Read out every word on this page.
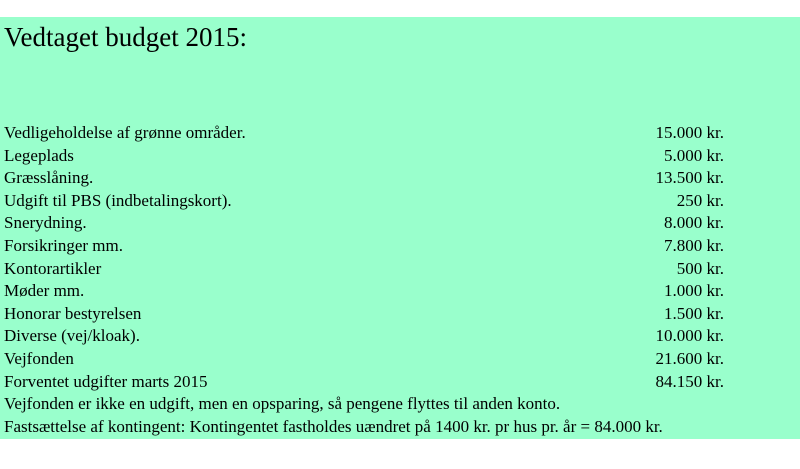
Vedtaget budget 2015:
Vedligeholdelse af grønne områder.	15.000 kr.
Legeplads	5.000 kr.
Græsslåning.	13.500 kr.
Udgift til PBS (indbetalingskort).	250 kr.
Snerydning.	8.000 kr.
Forsikringer mm.	7.800 kr.
Kontorartikler	500 kr.
Møder mm.	1.000 kr.
Honorar bestyrelsen	1.500 kr.
Diverse (vej/kloak).	10.000 kr.
Vejfonden	21.600 kr.
Forventet udgifter marts 2015	84.150 kr.
Vejfonden er ikke en udgift, men en opsparing, så pengene flyttes til anden konto.
Fastsættelse af kontingent: Kontingentet fastholdes uændret på 1400 kr. pr hus pr. år = 84.000 kr.
